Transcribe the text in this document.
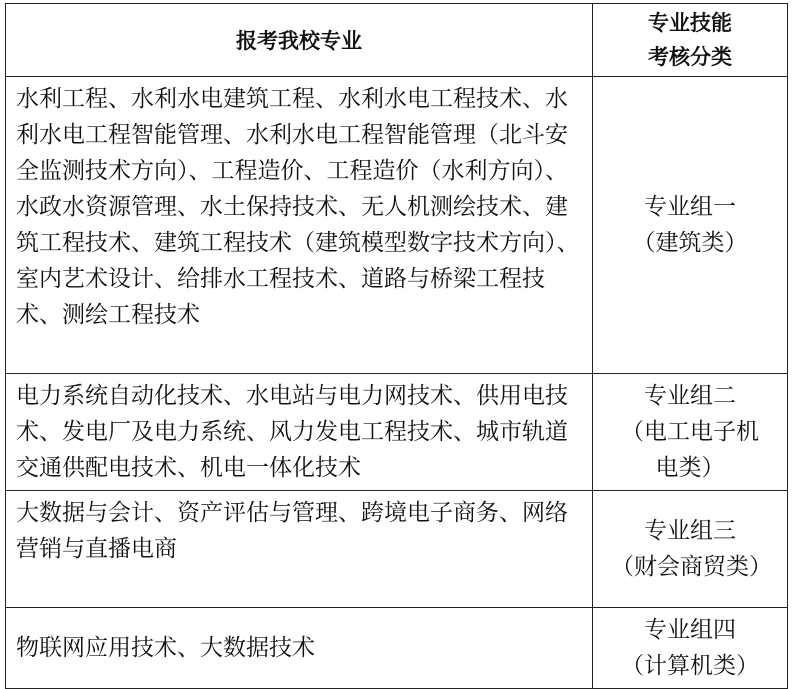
报考我校专业	专业技能
考核分类

水利工程、水利水电建筑工程、水利水电工程技术、水利水电工程智能管理、水利水电工程智能管理（北斗安全监测技术方向）、工程造价、工程造价（水利方向）、水政水资源管理、水土保持技术、无人机测绘技术、建筑工程技术、建筑工程技术（建筑模型数字技术方向）、室内艺术设计、给排水工程技术、道路与桥梁工程技术、测绘工程技术	专业组一
（建筑类）

电力系统自动化技术、水电站与电力网技术、供用电技术、发电厂及电力系统、风力发电工程技术、城市轨道交通供配电技术、机电一体化技术	专业组二
（电工电子机电类）

大数据与会计、资产评估与管理、跨境电子商务、网络营销与直播电商	专业组三
（财会商贸类）

物联网应用技术、大数据技术	专业组四
（计算机类）
